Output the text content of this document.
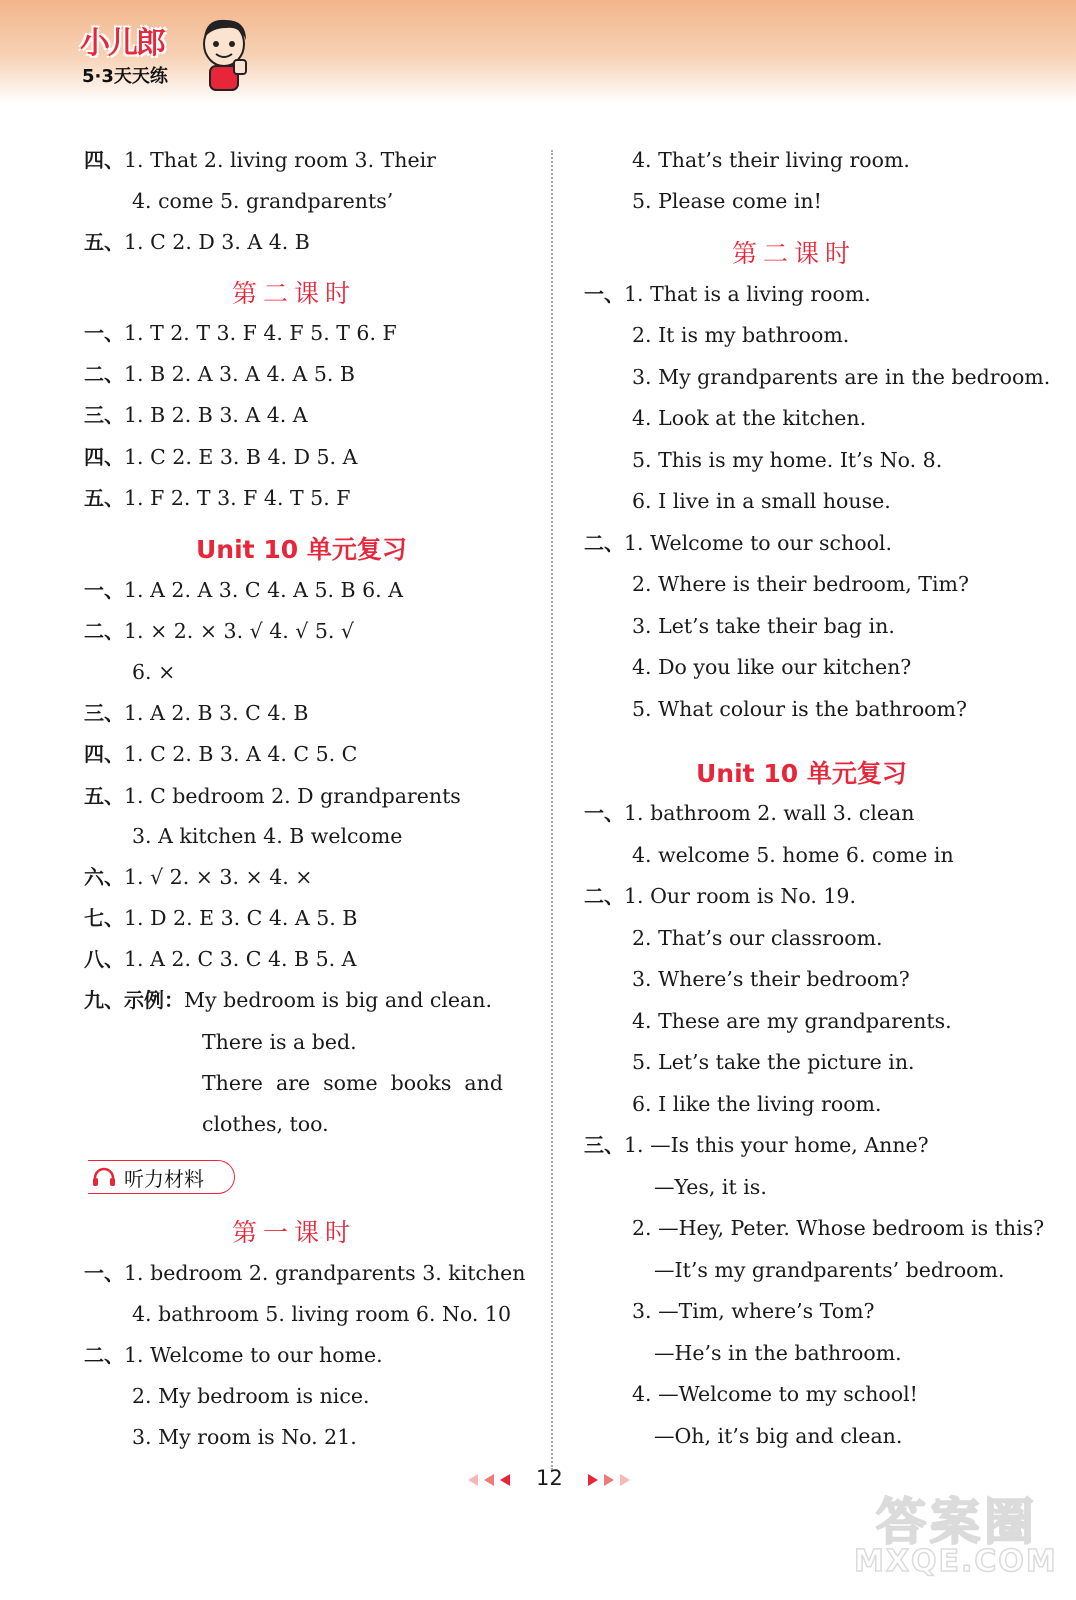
小儿郎
5·3天天练
四、1. That 2. living room 3. Their
4. come 5. grandparents’
五、1. C 2. D 3. A 4. B
第二课时
一、1. T 2. T 3. F 4. F 5. T 6. F
二、1. B 2. A 3. A 4. A 5. B
三、1. B 2. B 3. A 4. A
四、1. C 2. E 3. B 4. D 5. A
五、1. F 2. T 3. F 4. T 5. F
Unit 10 单元复习
一、1. A 2. A 3. C 4. A 5. B 6. A
二、1. × 2. × 3. √ 4. √ 5. √
6. ×
三、1. A 2. B 3. C 4. B
四、1. C 2. B 3. A 4. C 5. C
五、1. C bedroom 2. D grandparents
3. A kitchen 4. B welcome
六、1. √ 2. × 3. × 4. ×
七、1. D 2. E 3. C 4. A 5. B
八、1. A 2. C 3. C 4. B 5. A
九、示例：My bedroom is big and clean.
There is a bed.
There  are  some  books  and
clothes, too.
听力材料
第一课时
一、1. bedroom 2. grandparents 3. kitchen
4. bathroom 5. living room 6. No. 10
二、1. Welcome to our home.
2. My bedroom is nice.
3. My room is No. 21.
4. That’s their living room.
5. Please come in!
第二课时
一、1. That is a living room.
2. It is my bathroom.
3. My grandparents are in the bedroom.
4. Look at the kitchen.
5. This is my home. It’s No. 8.
6. I live in a small house.
二、1. Welcome to our school.
2. Where is their bedroom, Tim?
3. Let’s take their bag in.
4. Do you like our kitchen?
5. What colour is the bathroom?
Unit 10 单元复习
一、1. bathroom 2. wall 3. clean
4. welcome 5. home 6. come in
二、1. Our room is No. 19.
2. That’s our classroom.
3. Where’s their bedroom?
4. These are my grandparents.
5. Let’s take the picture in.
6. I like the living room.
三、1. —Is this your home, Anne?
—Yes, it is.
2. —Hey, Peter. Whose bedroom is this?
—It’s my grandparents’ bedroom.
3. —Tim, where’s Tom?
—He’s in the bathroom.
4. —Welcome to my school!
—Oh, it’s big and clean.
12
答案圈
MXQE.COM
